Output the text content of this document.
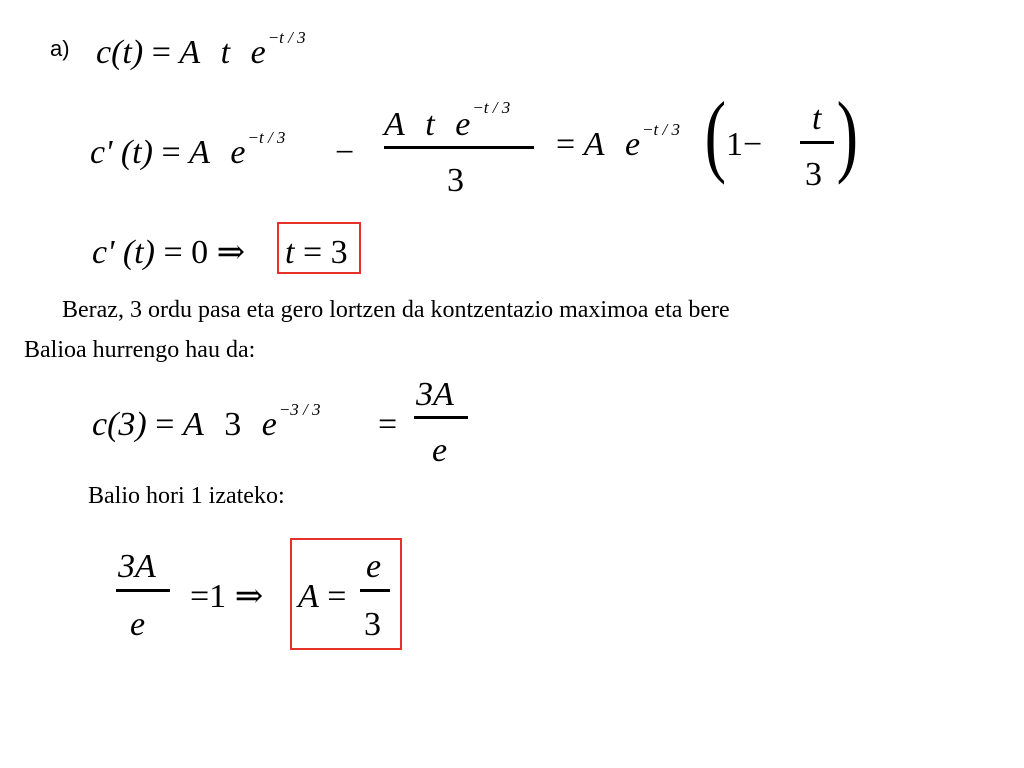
a) c(t) = A t e $^{-t / 3}$
c' (t) = A e $^{-t / 3}$ −
A t e $^{-t / 3}$
3
= A e $^{-t / 3}$ ( 1−
t
3 )
c' (t) = 0 ⇒ t = 3
Beraz, 3 ordu pasa eta gero lortzen da kontzentazio maximoa eta bere
Balioa hurrengo hau da:
c(3) = A 3 e $^{-3 / 3}$ =
3A
e
Balio hori 1 izateko:
3A
e
=1 ⇒ A =
e
3
